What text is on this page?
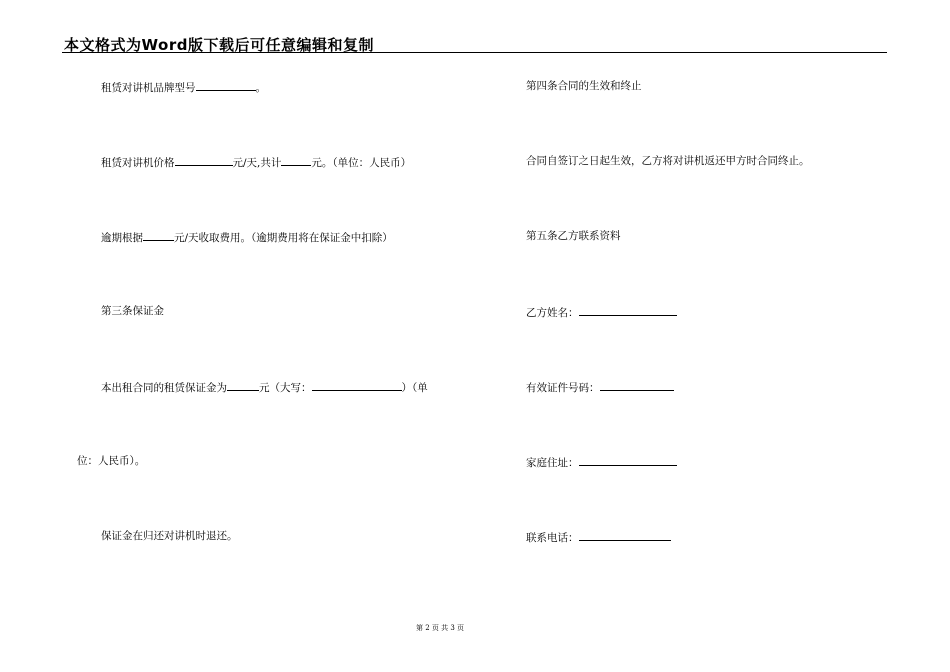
本文格式为Word版下载后可任意编辑和复制
租赁对讲机品牌型号	。
租赁对讲机价格	元/天,共计	元。（单位：人民币）
逾期根据	元/天收取费用。（逾期费用将在保证金中扣除）
第三条保证金
本出租合同的租赁保证金为	元（大写：	）（单
位：人民币）。
保证金在归还对讲机时退还。
第四条合同的生效和终止
合同自签订之日起生效，乙方将对讲机返还甲方时合同终止。
第五条乙方联系资料
乙方姓名：
有效证件号码：
家庭住址：
联系电话：
第 2 页 共 3 页
